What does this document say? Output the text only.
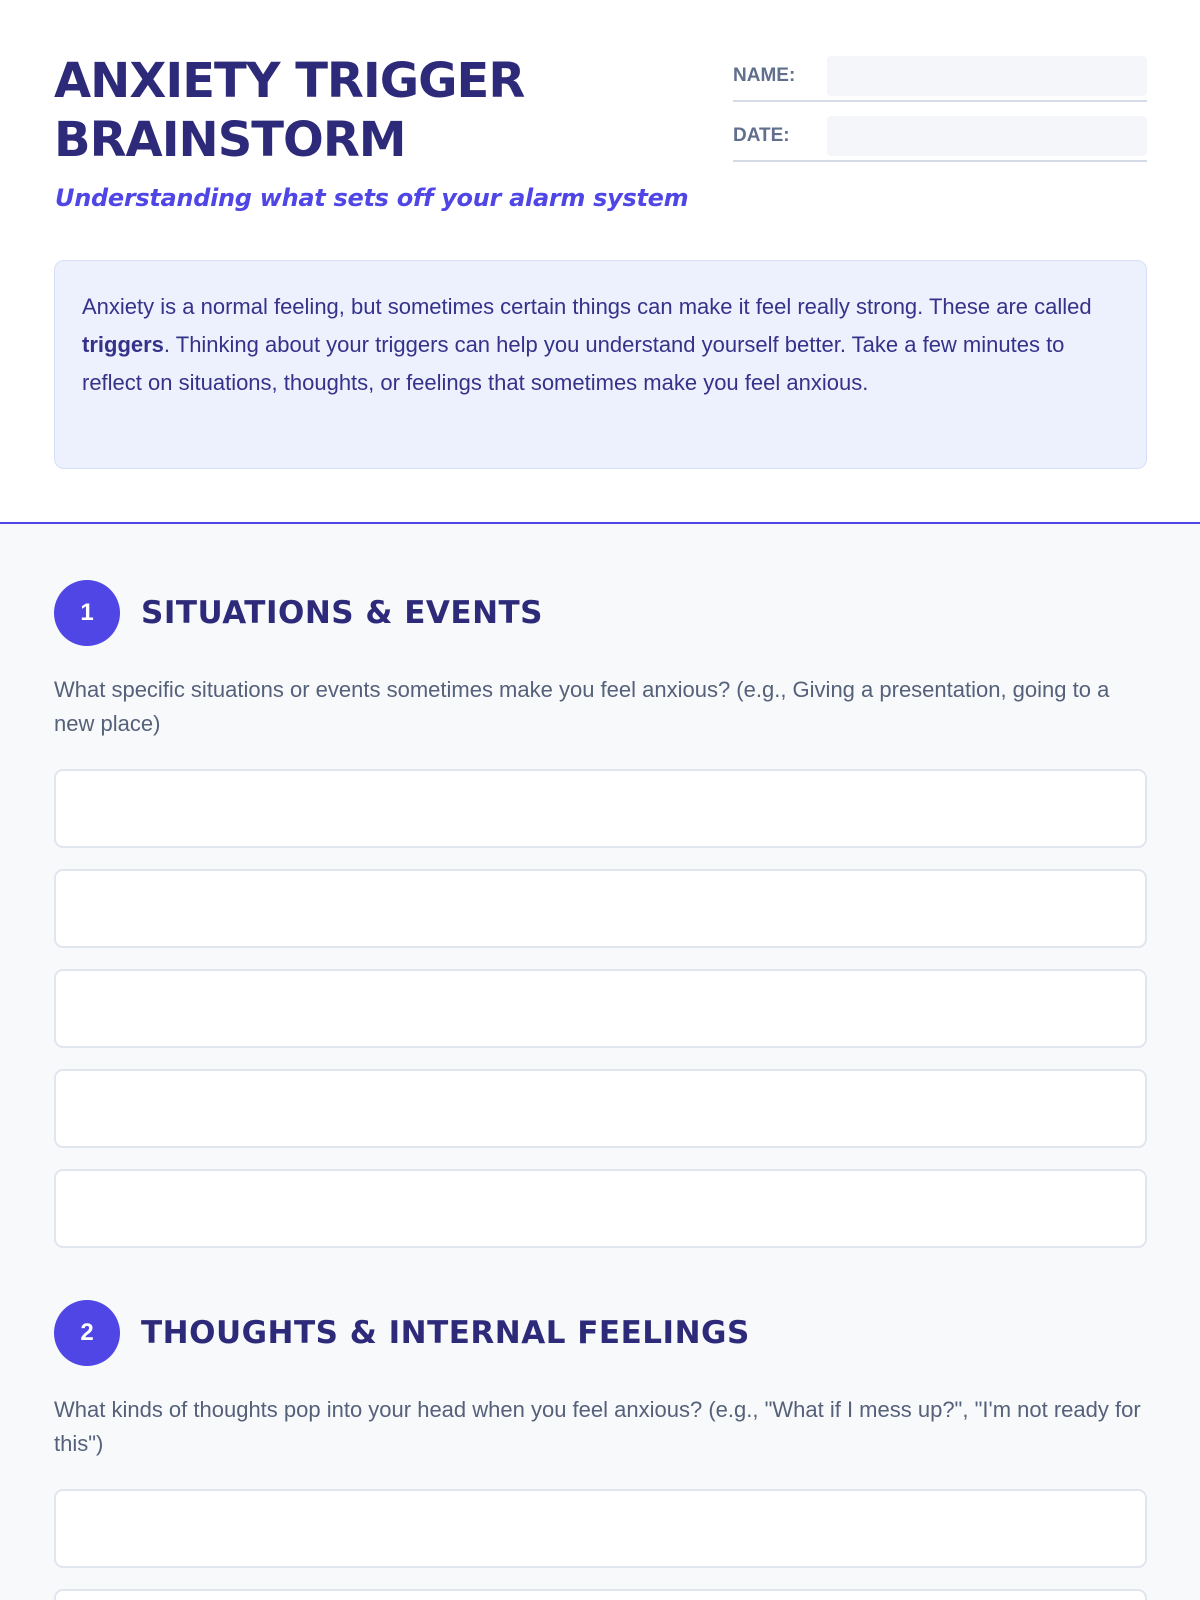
ANXIETY TRIGGER
BRAINSTORM
Understanding what sets off your alarm system
NAME:
DATE:
Anxiety is a normal feeling, but sometimes certain things can make it feel really strong. These are called triggers. Thinking about your triggers can help you understand yourself better. Take a few minutes to reflect on situations, thoughts, or feelings that sometimes make you feel anxious.
1	SITUATIONS & EVENTS

What specific situations or events sometimes make you feel anxious? (e.g., Giving a presentation, going to a new place)

2	THOUGHTS & INTERNAL FEELINGS

What kinds of thoughts pop into your head when you feel anxious? (e.g., "What if I mess up?", "I'm not ready for this")
